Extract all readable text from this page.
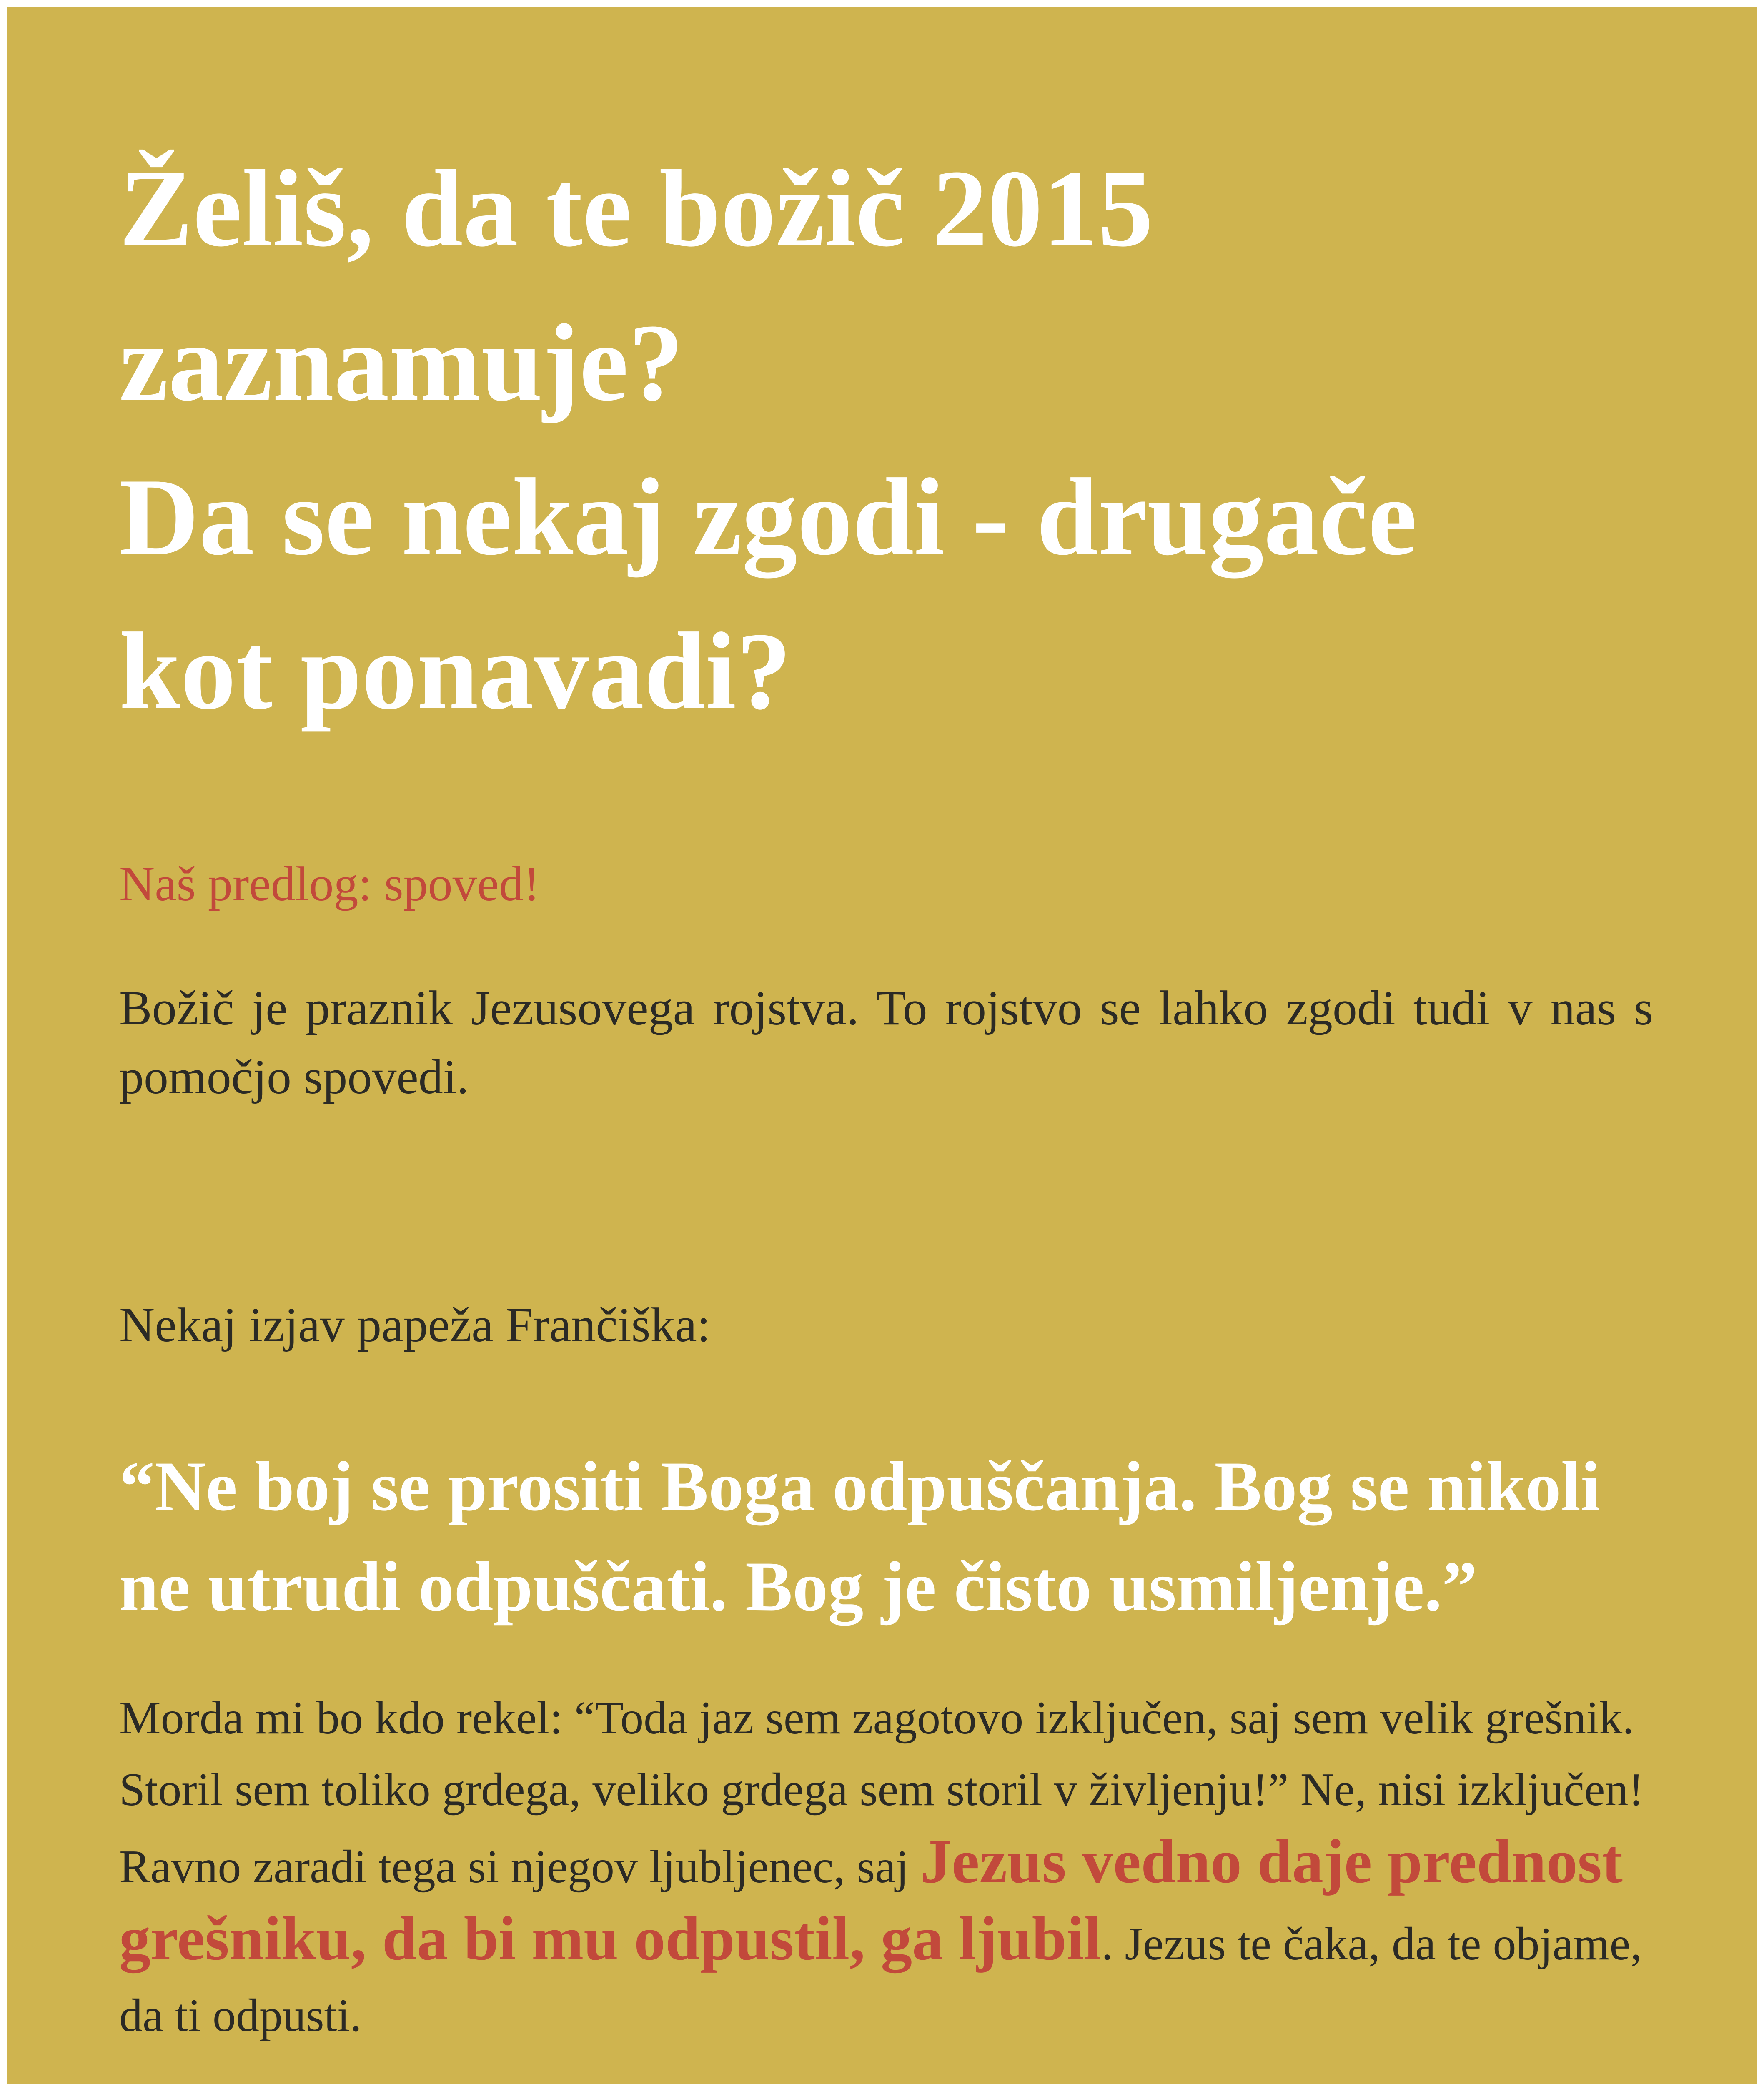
Želiš, da te božič 2015
zaznamuje?
Da se nekaj zgodi - drugače
kot ponavadi?
Naš predlog: spoved!
Božič je praznik Jezusovega rojstva. To rojstvo se lahko zgodi tudi v nas s pomočjo spovedi.
Nekaj izjav papeža Frančiška:
“Ne boj se prositi Boga odpuščanja. Bog se nikoli
ne utrudi odpuščati. Bog je čisto usmiljenje.”
Morda mi bo kdo rekel: “Toda jaz sem zagotovo izključen, saj sem velik grešnik.
Storil sem toliko grdega, veliko grdega sem storil v življenju!” Ne, nisi izključen!
Ravno zaradi tega si njegov ljubljenec, saj Jezus vedno daje prednost
grešniku, da bi mu odpustil, ga ljubil. Jezus te čaka, da te objame,
da ti odpusti.
